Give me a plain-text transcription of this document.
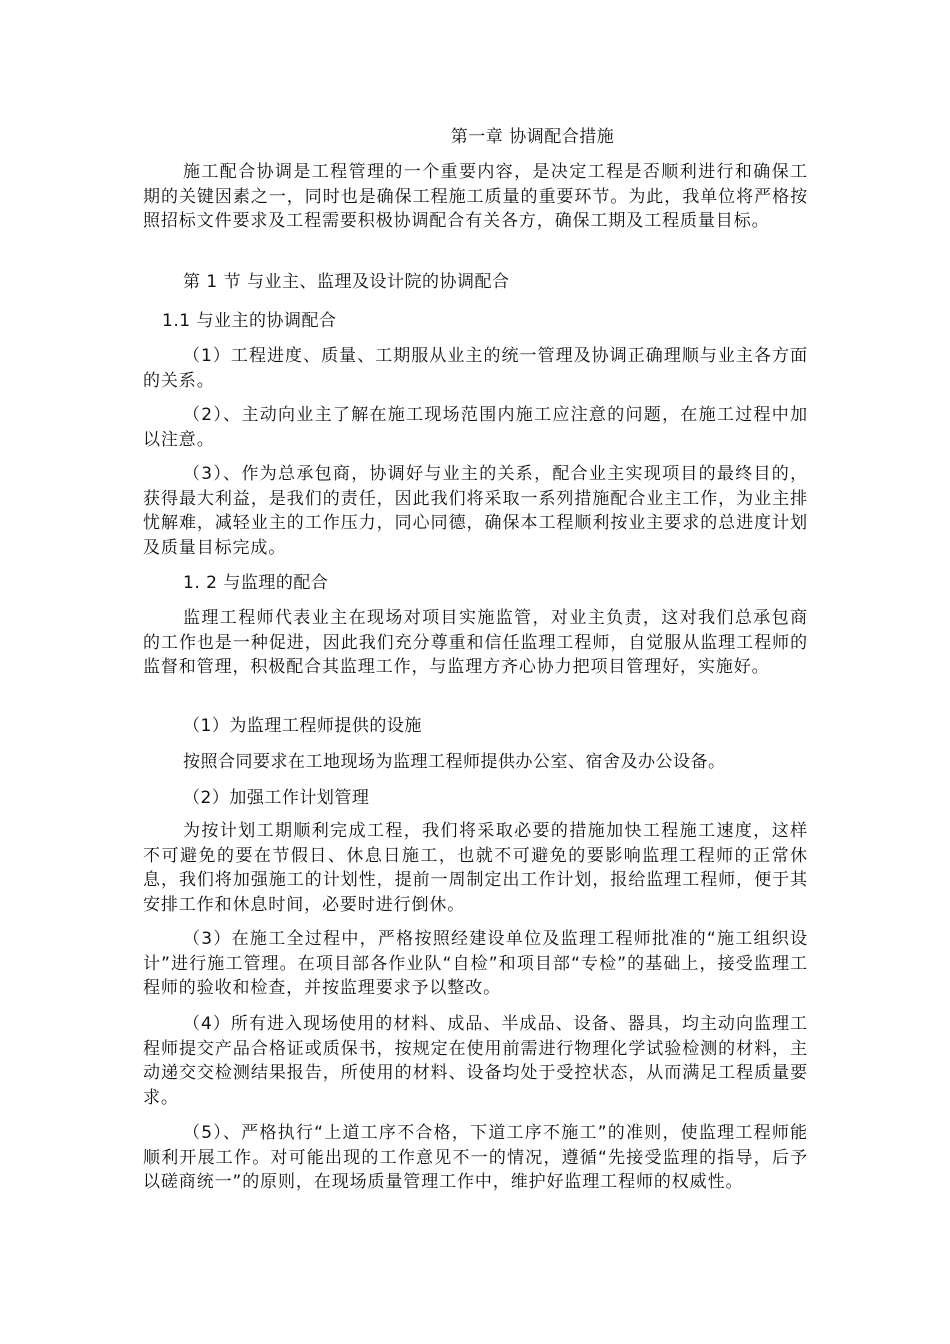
第一章 协调配合措施

施工配合协调是工程管理的一个重要内容，是决定工程是否顺利进行和确保工期的关键因素之一，同时也是确保工程施工质量的重要环节。为此，我单位将严格按照招标文件要求及工程需要积极协调配合有关各方，确保工期及工程质量目标。

第 1 节 与业主、监理及设计院的协调配合
1.1 与业主的协调配合

（1）工程进度、质量、工期服从业主的统一管理及协调正确理顺与业主各方面的关系。

（2）、主动向业主了解在施工现场范围内施工应注意的问题，在施工过程中加以注意。

（3）、作为总承包商，协调好与业主的关系，配合业主实现项目的最终目的，获得最大利益，是我们的责任，因此我们将采取一系列措施配合业主工作，为业主排忧解难，减轻业主的工作压力，同心同德，确保本工程顺利按业主要求的总进度计划及质量目标完成。

1. 2 与监理的配合

监理工程师代表业主在现场对项目实施监管，对业主负责，这对我们总承包商的工作也是一种促进，因此我们充分尊重和信任监理工程师，自觉服从监理工程师的监督和管理，积极配合其监理工作，与监理方齐心协力把项目管理好，实施好。

（1）为监理工程师提供的设施
按照合同要求在工地现场为监理工程师提供办公室、宿舍及办公设备。
（2）加强工作计划管理

为按计划工期顺利完成工程，我们将采取必要的措施加快工程施工速度，这样不可避免的要在节假日、休息日施工，也就不可避免的要影响监理工程师的正常休息，我们将加强施工的计划性，提前一周制定出工作计划，报给监理工程师，便于其安排工作和休息时间，必要时进行倒休。

（3）在施工全过程中，严格按照经建设单位及监理工程师批准的“施工组织设计”进行施工管理。在项目部各作业队“自检”和项目部“专检”的基础上，接受监理工程师的验收和检查，并按监理要求予以整改。

（4）所有进入现场使用的材料、成品、半成品、设备、器具，均主动向监理工程师提交产品合格证或质保书，按规定在使用前需进行物理化学试验检测的材料，主动递交交检测结果报告，所使用的材料、设备均处于受控状态，从而满足工程质量要求。

（5）、严格执行“上道工序不合格，下道工序不施工”的准则，使监理工程师能顺利开展工作。对可能出现的工作意见不一的情况，遵循“先接受监理的指导，后予以磋商统一”的原则，在现场质量管理工作中，维护好监理工程师的权威性。
